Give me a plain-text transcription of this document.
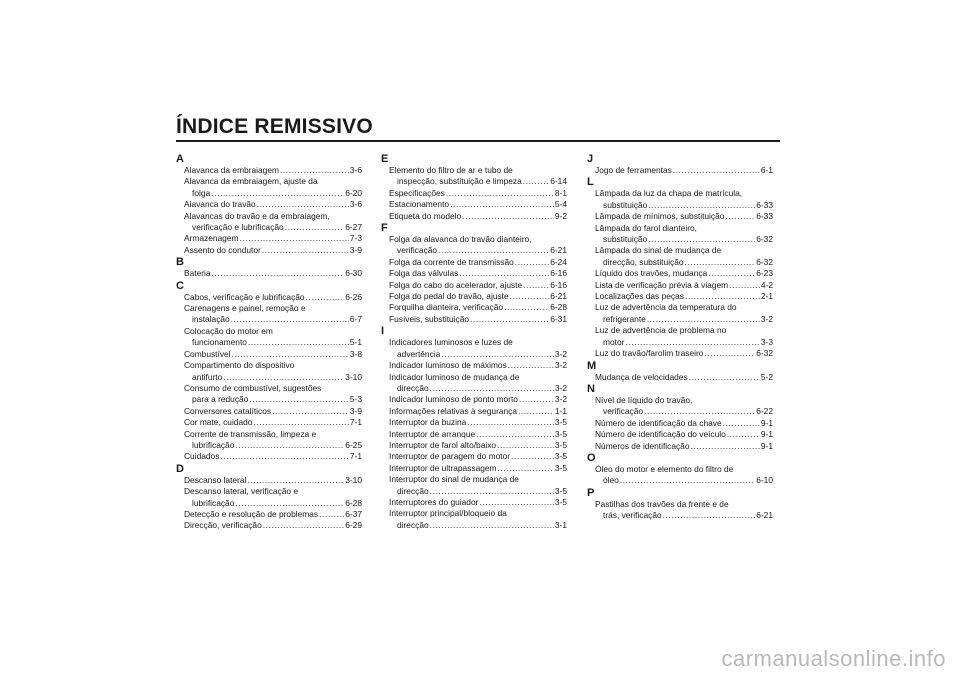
ÍNDICE REMISSIVO
A
Alavanca da embraiagem .....	3-6
Alavanca da embraiagem, ajuste da
folga .....	6-20
Alavanca do travão .....	3-6
Alavancas do travão e da embraiagem,
verificação e lubrificação .....	6-27
Armazenagem .....	7-3
Assento do condutor .....	3-9
B
Bateria .....	6-30
C
Cabos, verificação e lubrificação .....	6-26
Carenagens e painel, remoção e
instalação .....	6-7
Colocação do motor em
funcionamento .....	5-1
Combustível .....	3-8
Compartimento do dispositivo
antifurto .....	3-10
Consumo de combustível, sugestões
para a redução .....	5-3
Conversores catalíticos .....	3-9
Cor mate, cuidado .....	7-1
Corrente de transmissão, limpeza e
lubrificação .....	6-25
Cuidados .....	7-1
D
Descanso lateral .....	3-10
Descanso lateral, verificação e
lubrificação .....	6-28
Detecção e resolução de problemas .....	6-37
Direcção, verificação .....	6-29
E
Elemento do filtro de ar e tubo de
inspecção, substituição e limpeza .....	6-14
Especificações .....	8-1
Estacionamento .....	5-4
Etiqueta do modelo .....	9-2
F
Folga da alavanca do travão dianteiro,
verificação .....	6-21
Folga da corrente de transmissão .....	6-24
Folga das válvulas .....	6-16
Folga do cabo do acelerador, ajuste .....	6-16
Folga do pedal do travão, ajuste .....	6-21
Forquilha dianteira, verificação .....	6-28
Fusíveis, substituição .....	6-31
I
Indicadores luminosos e luzes de
advertência .....	3-2
Indicador luminoso de máximos .....	3-2
Indicador luminoso de mudança de
direcção .....	3-2
Indicador luminoso de ponto morto .....	3-2
Informações relativas à segurança .....	1-1
Interruptor da buzina .....	3-5
Interruptor de arranque .....	3-5
Interruptor de farol alto/baixo .....	3-5
Interruptor de paragem do motor .....	3-5
Interruptor de ultrapassagem .....	3-5
Interruptor do sinal de mudança de
direcção .....	3-5
Interruptores do guiador .....	3-5
Interruptor principal/bloqueio da
direcção .....	3-1
J
Jogo de ferramentas .....	6-1
L
Lâmpada da luz da chapa de matrícula,
substituição .....	6-33
Lâmpada de mínimos, substituição .....	6-33
Lâmpada do farol dianteiro,
substituição .....	6-32
Lâmpada do sinal de mudança de
direcção, substituição .....	6-32
Líquido dos travões, mudança .....	6-23
Lista de verificação prévia à viagem .....	4-2
Localizações das peças .....	2-1
Luz de advertência da temperatura do
refrigerante .....	3-2
Luz de advertência de problema no
motor .....	3-3
Luz do travão/farolim traseiro .....	6-32
M
Mudança de velocidades .....	5-2
N
Nível de líquido do travão,
verificação .....	6-22
Número de identificação da chave .....	9-1
Número de identificação do veículo .....	9-1
Números de identificação .....	9-1
O
Óleo do motor e elemento do filtro de
óleo .....	6-10
P
Pastilhas dos travões da frente e de
trás, verificação .....	6-21
carmanualsonline.info
